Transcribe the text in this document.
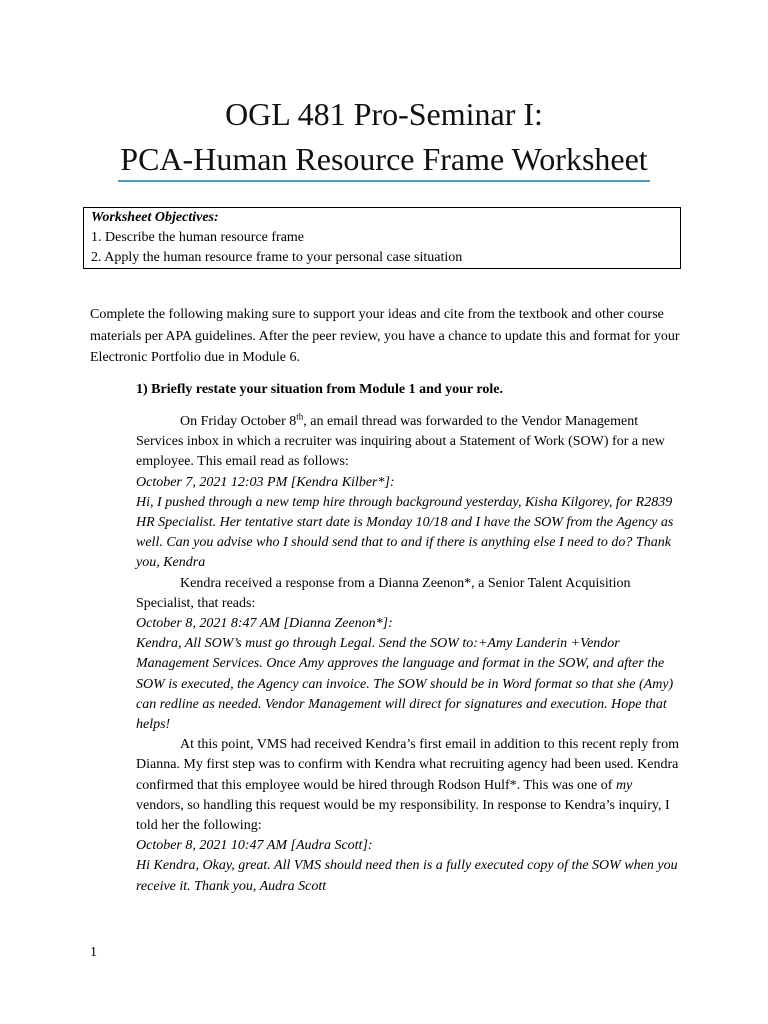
OGL 481 Pro-Seminar I:
PCA-Human Resource Frame Worksheet
Worksheet Objectives:
1. Describe the human resource frame
2. Apply the human resource frame to your personal case situation
Complete the following making sure to support your ideas and cite from the textbook and other course materials per APA guidelines. After the peer review, you have a chance to update this and format for your Electronic Portfolio due in Module 6.
1) Briefly restate your situation from Module 1 and your role.

On Friday October 8th, an email thread was forwarded to the Vendor Management Services inbox in which a recruiter was inquiring about a Statement of Work (SOW) for a new employee. This email read as follows:

October 7, 2021 12:03 PM [Kendra Kilber*]:

Hi, I pushed through a new temp hire through background yesterday, Kisha Kilgorey, for R2839 HR Specialist. Her tentative start date is Monday 10/18 and I have the SOW from the Agency as well. Can you advise who I should send that to and if there is anything else I need to do? Thank you, Kendra

Kendra received a response from a Dianna Zeenon*, a Senior Talent Acquisition Specialist, that reads:

October 8, 2021 8:47 AM [Dianna Zeenon*]:

Kendra, All SOW’s must go through Legal. Send the SOW to:+Amy Landerin +Vendor Management Services. Once Amy approves the language and format in the SOW, and after the SOW is executed, the Agency can invoice. The SOW should be in Word format so that she (Amy) can redline as needed. Vendor Management will direct for signatures and execution. Hope that helps!

At this point, VMS had received Kendra’s first email in addition to this recent reply from Dianna. My first step was to confirm with Kendra what recruiting agency had been used. Kendra confirmed that this employee would be hired through Rodson Hulf*. This was one of my vendors, so handling this request would be my responsibility. In response to Kendra’s inquiry, I told her the following:

October 8, 2021 10:47 AM [Audra Scott]:

Hi Kendra, Okay, great. All VMS should need then is a fully executed copy of the SOW when you receive it. Thank you, Audra Scott

1
